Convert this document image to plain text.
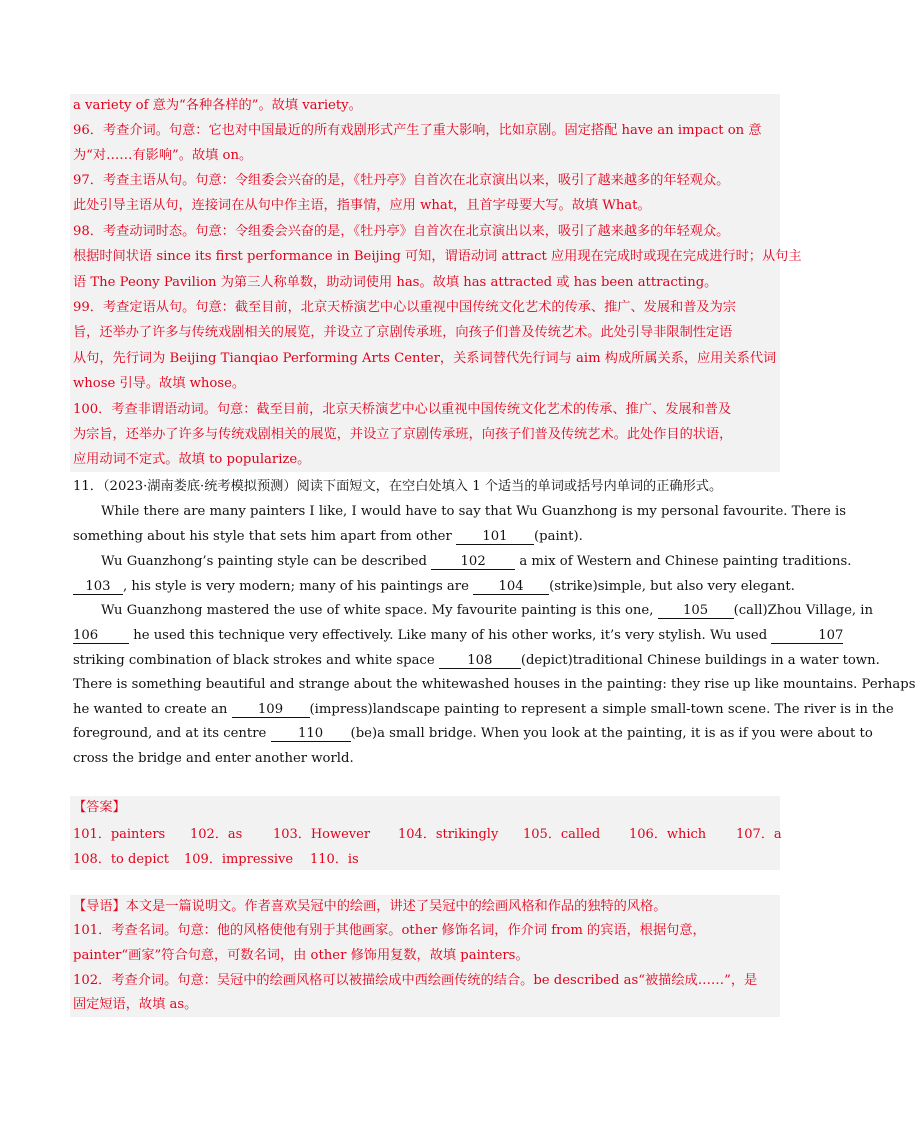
a variety of 意为“各种各样的”。故填 variety。
96．考查介词。句意：它也对中国最近的所有戏剧形式产生了重大影响，比如京剧。固定搭配 have an impact on 意
为“对……有影响”。故填 on。
97．考查主语从句。句意：令组委会兴奋的是，《牡丹亭》自首次在北京演出以来，吸引了越来越多的年轻观众。
此处引导主语从句，连接词在从句中作主语，指事情，应用 what，且首字母要大写。故填 What。
98．考查动词时态。句意：令组委会兴奋的是，《牡丹亭》自首次在北京演出以来，吸引了越来越多的年轻观众。
根据时间状语 since its first performance in Beijing 可知，谓语动词 attract 应用现在完成时或现在完成进行时；从句主
语 The Peony Pavilion 为第三人称单数，助动词使用 has。故填 has attracted 或 has been attracting。
99．考查定语从句。句意：截至目前，北京天桥演艺中心以重视中国传统文化艺术的传承、推广、发展和普及为宗
旨，还举办了许多与传统戏剧相关的展览，并设立了京剧传承班，向孩子们普及传统艺术。此处引导非限制性定语
从句，先行词为 Beijing Tianqiao Performing Arts Center，关系词替代先行词与 aim 构成所属关系，应用关系代词
whose 引导。故填 whose。
100．考查非谓语动词。句意：截至目前，北京天桥演艺中心以重视中国传统文化艺术的传承、推广、发展和普及
为宗旨，还举办了许多与传统戏剧相关的展览，并设立了京剧传承班，向孩子们普及传统艺术。此处作目的状语，
应用动词不定式。故填 to popularize。
11．（2023·湖南娄底·统考模拟预测）阅读下面短文，在空白处填入 1 个适当的单词或括号内单词的正确形式。
While there are many painters I like, I would have to say that Wu Guanzhong is my personal favourite. There is
something about his style that sets him apart from other 101 (paint).
Wu Guanzhong’s painting style can be described	102	a mix of Western and Chinese painting traditions.
103 , his style is very modern; many of his paintings are 104 (strike)simple, but also very elegant.
Wu Guanzhong mastered the use of white space. My favourite painting is this one, 105 (call)Zhou Village, in
106	he used this technique very effectively. Like many of his other works, it’s very stylish. Wu used	107
striking combination of black strokes and white space 108 (depict)traditional Chinese buildings in a water town.
There is something beautiful and strange about the whitewashed houses in the painting: they rise up like mountains. Perhaps
he wanted to create an 109 (impress)landscape painting to represent a simple small-town scene. The river is in the
foreground, and at its centre 110 (be)a small bridge. When you look at the painting, it is as if you were about to
cross the bridge and enter another world.
【答案】
101．painters 102．as 103．However 104．strikingly 105．called 106．which 107．a
108．to depict 109．impressive 110．is
【导语】本文是一篇说明文。作者喜欢吴冠中的绘画，讲述了吴冠中的绘画风格和作品的独特的风格。
101．考查名词。句意：他的风格使他有别于其他画家。other 修饰名词，作介词 from 的宾语，根据句意，
painter“画家”符合句意，可数名词，由 other 修饰用复数，故填 painters。
102．考查介词。句意：吴冠中的绘画风格可以被描绘成中西绘画传统的结合。be described as“被描绘成……”，是
固定短语，故填 as。
